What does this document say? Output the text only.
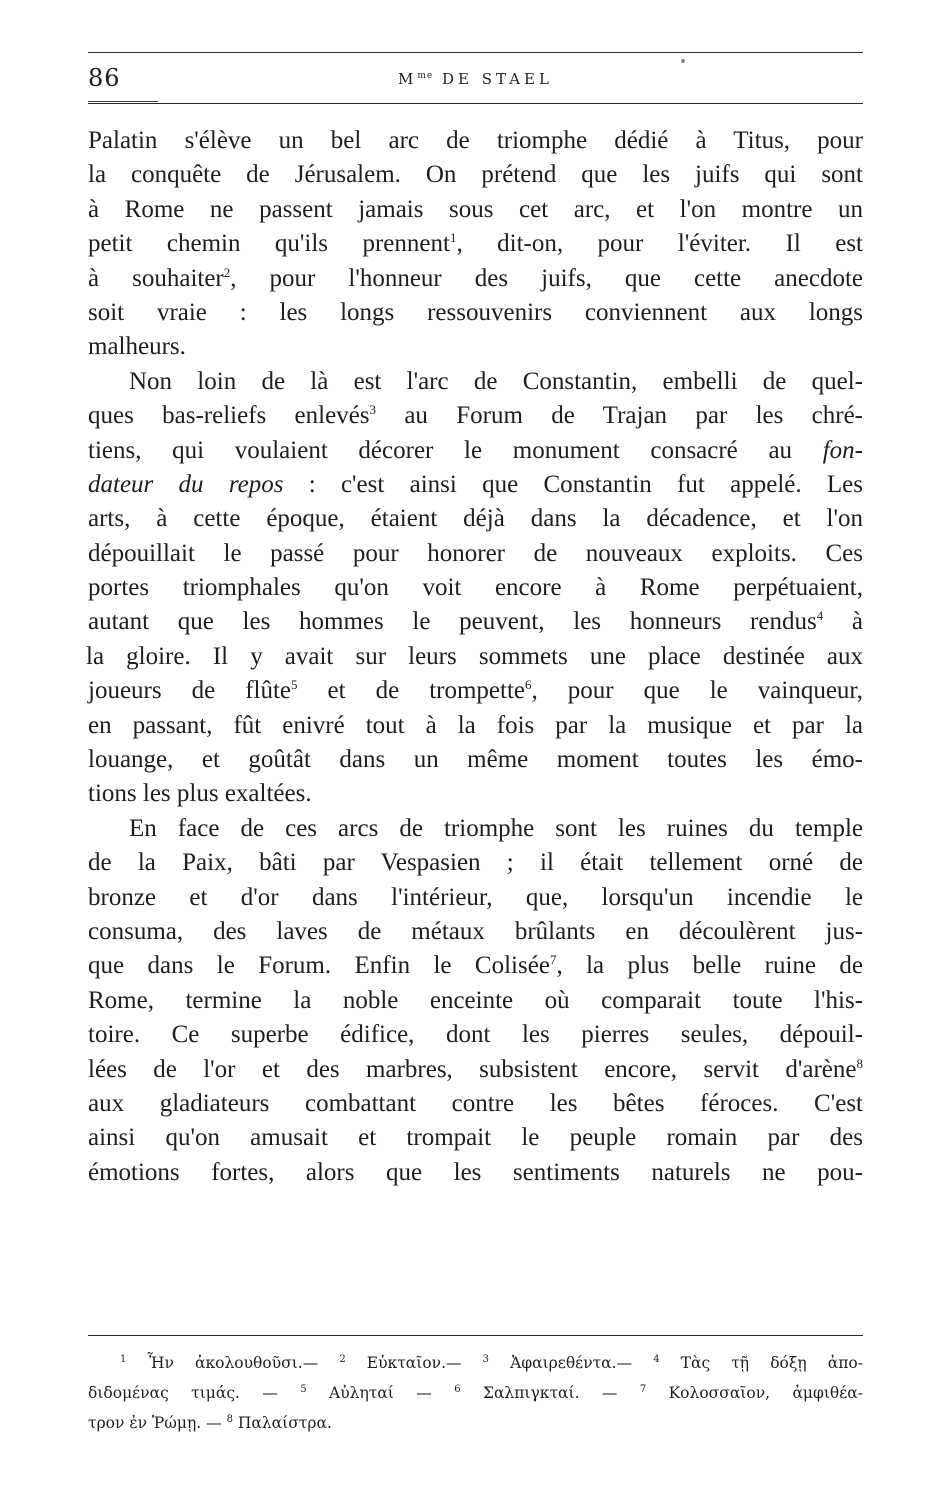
86	$M^{me}$ DE STAEL
Palatin s'élève un bel arc de triomphe dédié à Titus, pour
la conquête de Jérusalem. On prétend que les juifs qui sont
à Rome ne passent jamais sous cet arc, et l'on montre un
petit chemin qu'ils prennent$^1$, dit-on, pour l'éviter. Il est
à souhaiter$^2$, pour l'honneur des juifs, que cette anecdote
soit vraie : les longs ressouvenirs conviennent aux longs
malheurs.
Non loin de là est l'arc de Constantin, embelli de quel-
ques bas-reliefs enlevés$^3$ au Forum de Trajan par les chré-
tiens, qui voulaient décorer le monument consacré au fon-
dateur du repos : c'est ainsi que Constantin fut appelé. Les
arts, à cette époque, étaient déjà dans la décadence, et l'on
dépouillait le passé pour honorer de nouveaux exploits. Ces
portes triomphales qu'on voit encore à Rome perpétuaient,
autant que les hommes le peuvent, les honneurs rendus$^4$ à
la gloire. Il y avait sur leurs sommets une place destinée aux
joueurs de flûte$^5$ et de trompette$^6$, pour que le vainqueur,
en passant, fût enivré tout à la fois par la musique et par la
louange, et goûtât dans un même moment toutes les émo-
tions les plus exaltées.
En face de ces arcs de triomphe sont les ruines du temple
de la Paix, bâti par Vespasien ; il était tellement orné de
bronze et d'or dans l'intérieur, que, lorsqu'un incendie le
consuma, des laves de métaux brûlants en découlèrent jus-
que dans le Forum. Enfin le Colisée$^7$, la plus belle ruine de
Rome, termine la noble enceinte où comparait toute l'his-
toire. Ce superbe édifice, dont les pierres seules, dépouil-
lées de l'or et des marbres, subsistent encore, servit d'arène$^8$
aux gladiateurs combattant contre les bêtes féroces. C'est
ainsi qu'on amusait et trompait le peuple romain par des
émotions fortes, alors que les sentiments naturels ne pou-
$^1$ Ἦν ἀκολουθοῦσι.— $^2$ Εὐκταῖον.— $^3$ Ἀφαιρεθέντα.— $^4$ Τὰς τῇ δόξῃ ἀπο-
διδομένας τιμάς. — $^5$ Αὐληταί — $^6$ Σαλπιγκταί. — $^7$ Κολοσσαῖον, ἀμφιθέα-
τρον ἐν Ῥώμῃ. — $^8$ Παλαίστρα.
